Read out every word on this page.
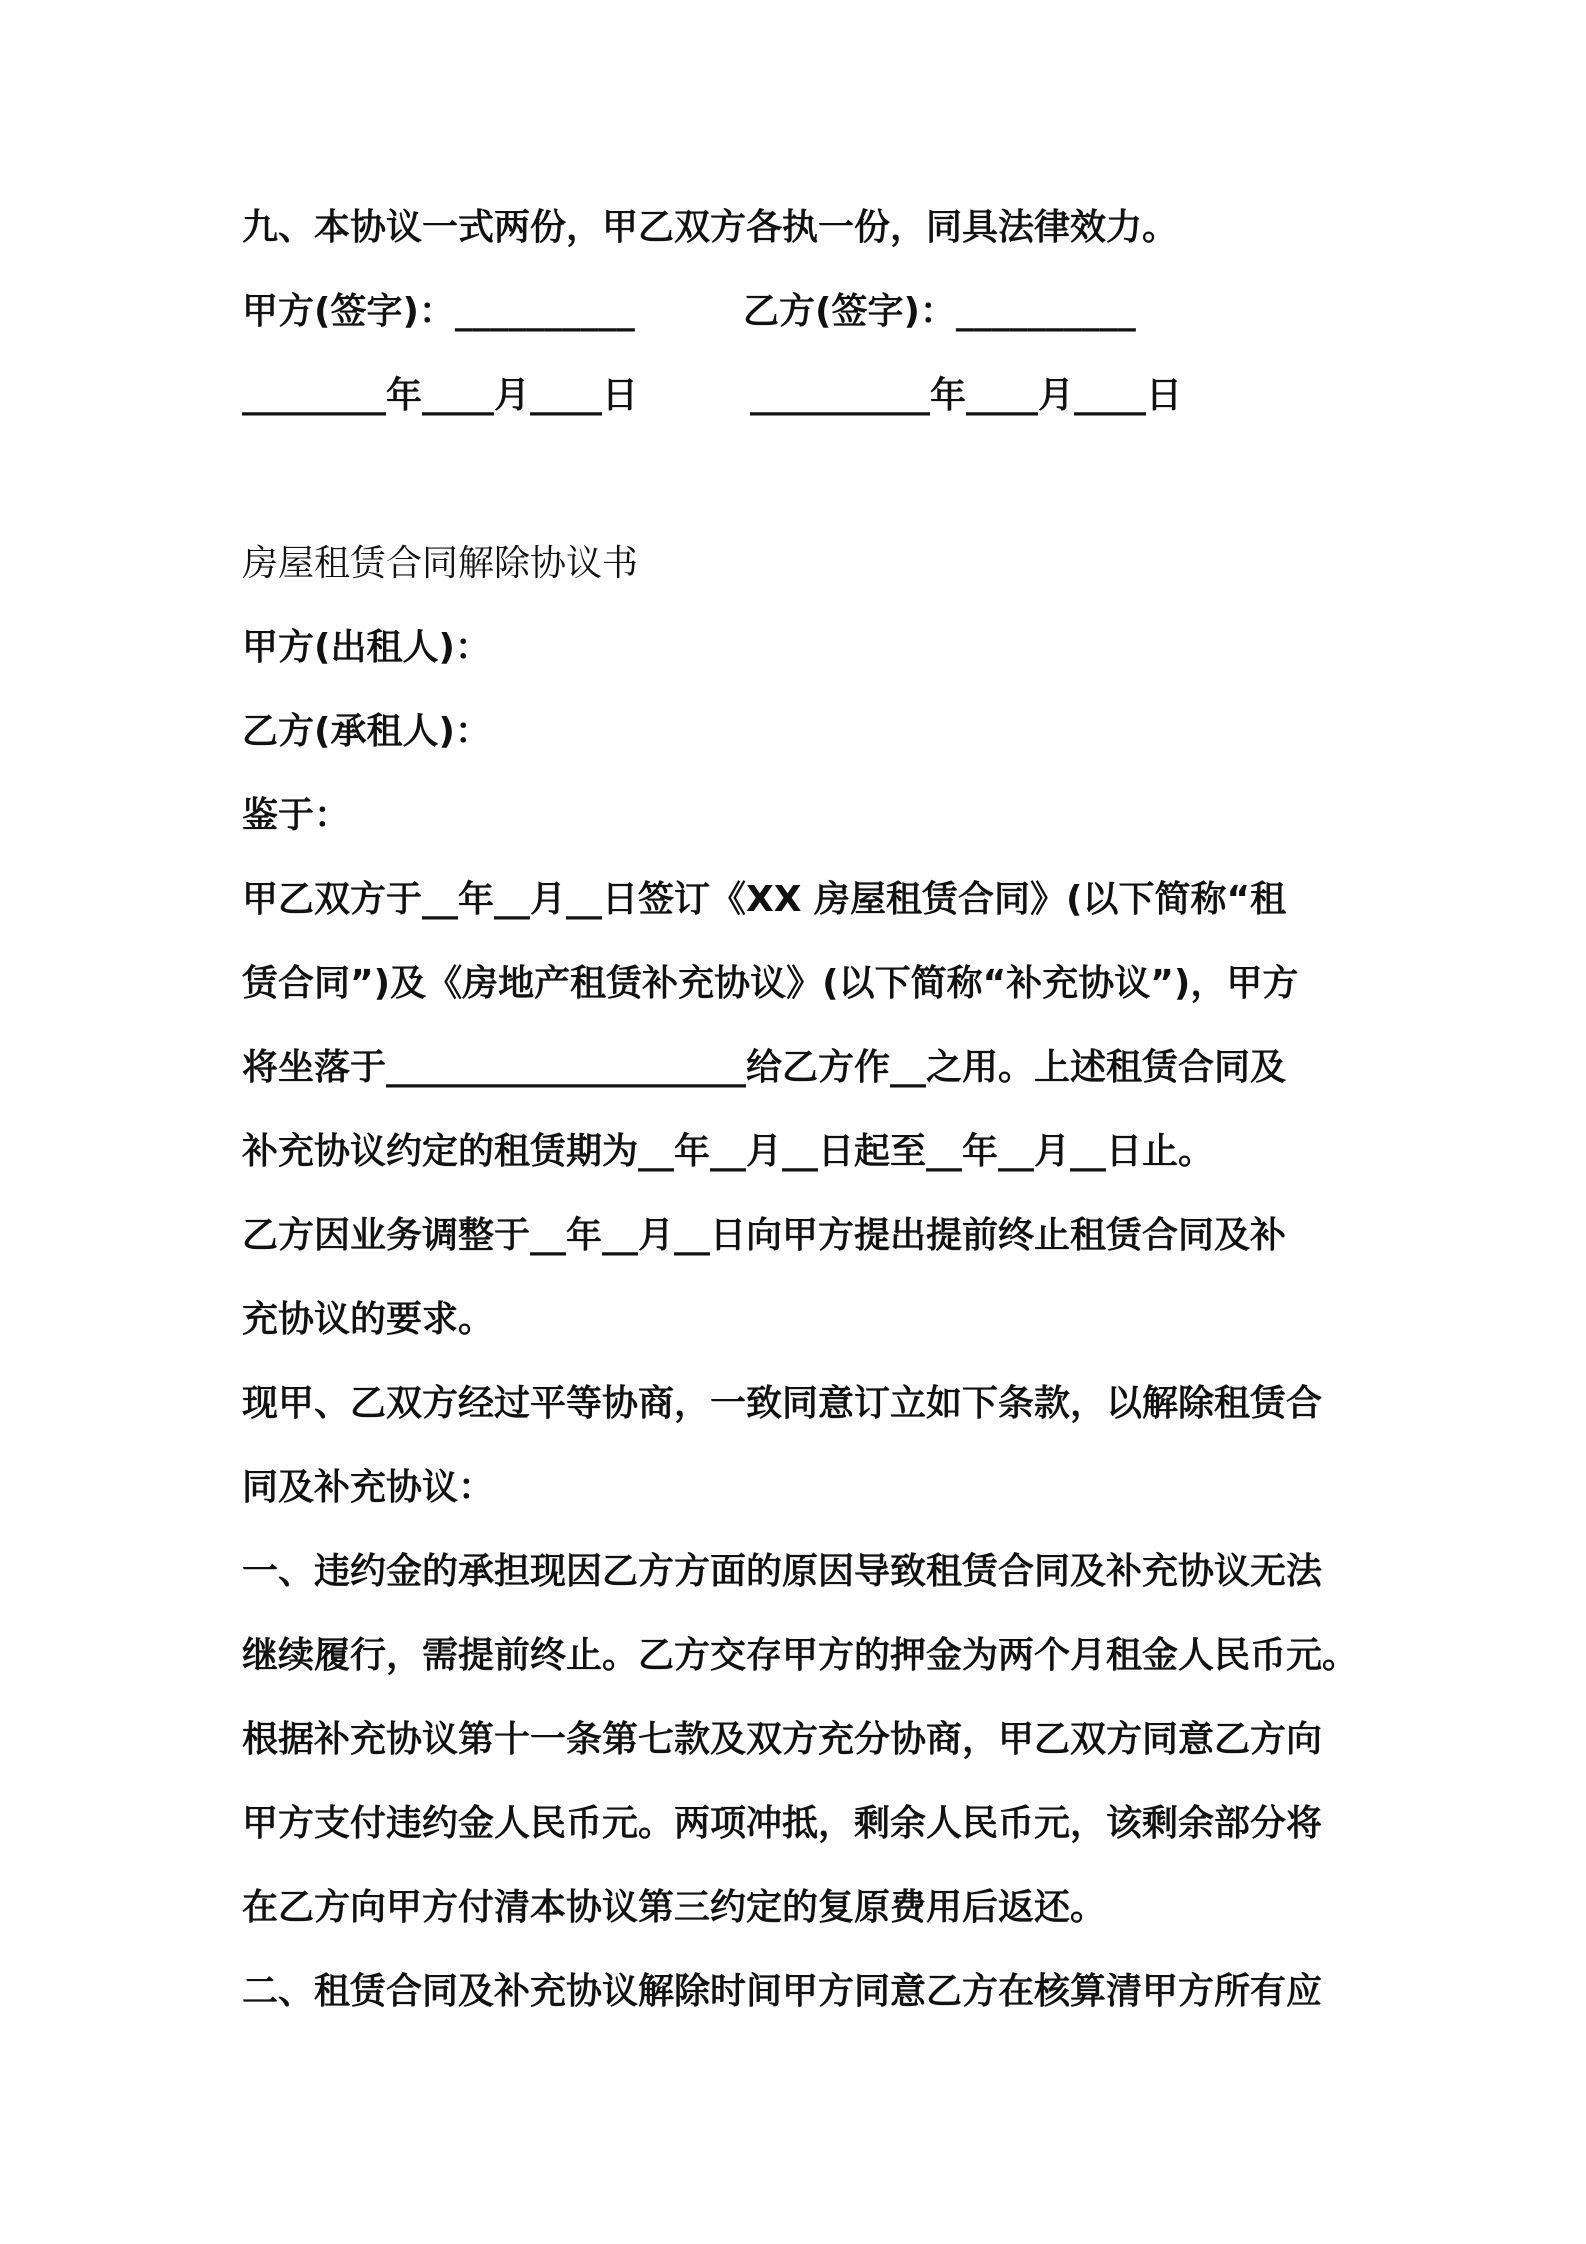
九、本协议一式两份，甲乙双方各执一份，同具法律效力。
甲方(签字)：__________	乙方(签字)：__________
________年____月____日	__________年____月____日
房屋租赁合同解除协议书
甲方(出租人)：
乙方(承租人)：
鉴于：
甲乙双方于__年__月__日签订《XX 房屋租赁合同》(以下简称“租
赁合同”)及《房地产租赁补充协议》(以下简称“补充协议”)，甲方
将坐落于____________________给乙方作__之用。上述租赁合同及
补充协议约定的租赁期为__年__月__日起至__年__月__日止。
乙方因业务调整于__年__月__日向甲方提出提前终止租赁合同及补
充协议的要求。
现甲、乙双方经过平等协商，一致同意订立如下条款，以解除租赁合
同及补充协议：
一、违约金的承担现因乙方方面的原因导致租赁合同及补充协议无法
继续履行，需提前终止。乙方交存甲方的押金为两个月租金人民币元。
根据补充协议第十一条第七款及双方充分协商，甲乙双方同意乙方向
甲方支付违约金人民币元。两项冲抵，剩余人民币元，该剩余部分将
在乙方向甲方付清本协议第三约定的复原费用后返还。
二、租赁合同及补充协议解除时间甲方同意乙方在核算清甲方所有应
